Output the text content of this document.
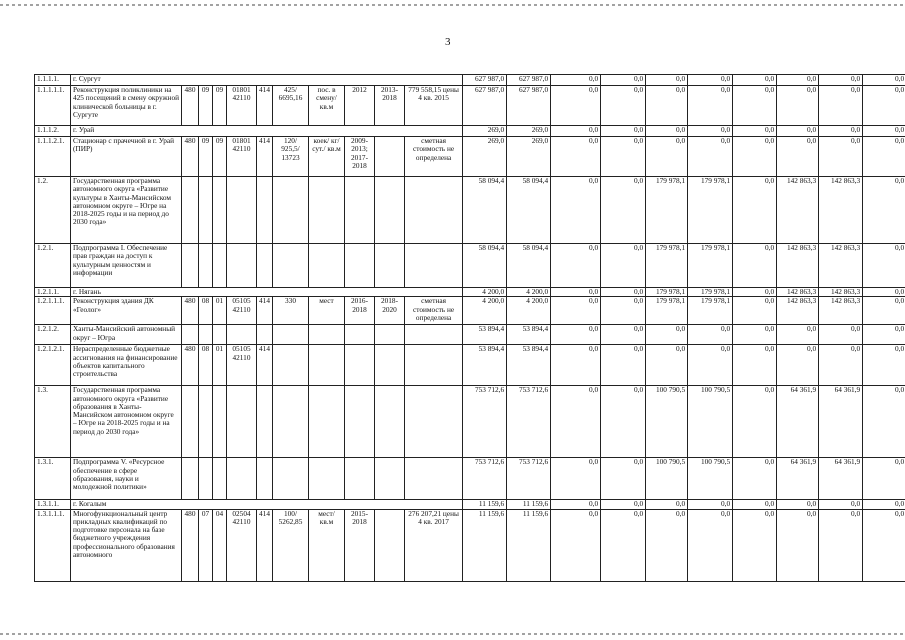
3
1.1.1.1.	г. Сургут											627 987,0	627 987,0	0,0	0,0	0,0	0,0	0,0	0,0	0,0	0,0
1.1.1.1.1.	Реконструкция поликлиники на 425 посещений в смену окружной клинической больницы в г. Сургуте	480	09	09	01801 42110	414	425/ 6695,16	пос. в смену/ кв.м	2012	2013-2018	779 558,15 цены 4 кв. 2015	627 987,0	627 987,0	0,0	0,0	0,0	0,0	0,0	0,0	0,0	0,0
1.1.1.2.	г. Урай											269,0	269,0	0,0	0,0	0,0	0,0	0,0	0,0	0,0	0,0
1.1.1.2.1.	Стационар с прачечной в г. Урай (ПИР)	480	09	09	01801 42110	414	120/ 925,5/ 13723	коек/ кг/ сут./ кв.м	2009-2013; 2017-2018		сметная стоимость не определена	269,0	269,0	0,0	0,0	0,0	0,0	0,0	0,0	0,0	0,0
1.2.	Государственная программа автономного округа «Развитие культуры в Ханты-Мансийском автономном округе – Югре на 2018-2025 годы и на период до 2030 года»											58 094,4	58 094,4	0,0	0,0	179 978,1	179 978,1	0,0	142 863,3	142 863,3	0,0
1.2.1.	Подпрограмма I. Обеспечение прав граждан на доступ к культурным ценностям и информации											58 094,4	58 094,4	0,0	0,0	179 978,1	179 978,1	0,0	142 863,3	142 863,3	0,0
1.2.1.1.	г. Нягань											4 200,0	4 200,0	0,0	0,0	179 978,1	179 978,1	0,0	142 863,3	142 863,3	0,0
1.2.1.1.1.	Реконструкция здания ДК «Геолог»	480	08	01	05105 42110	414	330	мест	2016-2018	2018-2020	сметная стоимость не определена	4 200,0	4 200,0	0,0	0,0	179 978,1	179 978,1	0,0	142 863,3	142 863,3	0,0
1.2.1.2.	Ханты-Мансийский автономный округ – Югра											53 894,4	53 894,4	0,0	0,0	0,0	0,0	0,0	0,0	0,0	0,0
1.2.1.2.1.	Нераспределенные бюджетные ассигнования на финансирование объектов капитального строительства	480	08	01	05105 42110	414						53 894,4	53 894,4	0,0	0,0	0,0	0,0	0,0	0,0	0,0	0,0
1.3.	Государственная программа автономного округа «Развитие образования в Ханты-Мансийском автономном округе – Югре на 2018-2025 годы и на период до 2030 года»											753 712,6	753 712,6	0,0	0,0	100 790,5	100 790,5	0,0	64 361,9	64 361,9	0,0
1.3.1.	Подпрограмма V. «Ресурсное обеспечение в сфере образования, науки и молодежной политики»											753 712,6	753 712,6	0,0	0,0	100 790,5	100 790,5	0,0	64 361,9	64 361,9	0,0
1.3.1.1.	г. Когалым											11 159,6	11 159,6	0,0	0,0	0,0	0,0	0,0	0,0	0,0	0,0
1.3.1.1.1.	Многофункциональный центр прикладных квалификаций по подготовке персонала на базе бюджетного учреждения профессионального образования автономного	480	07	04	02504 42110	414	100/ 5262,85	мест/ кв.м	2015-2018		276 207,21 цены 4 кв. 2017	11 159,6	11 159,6	0,0	0,0	0,0	0,0	0,0	0,0	0,0	0,0
